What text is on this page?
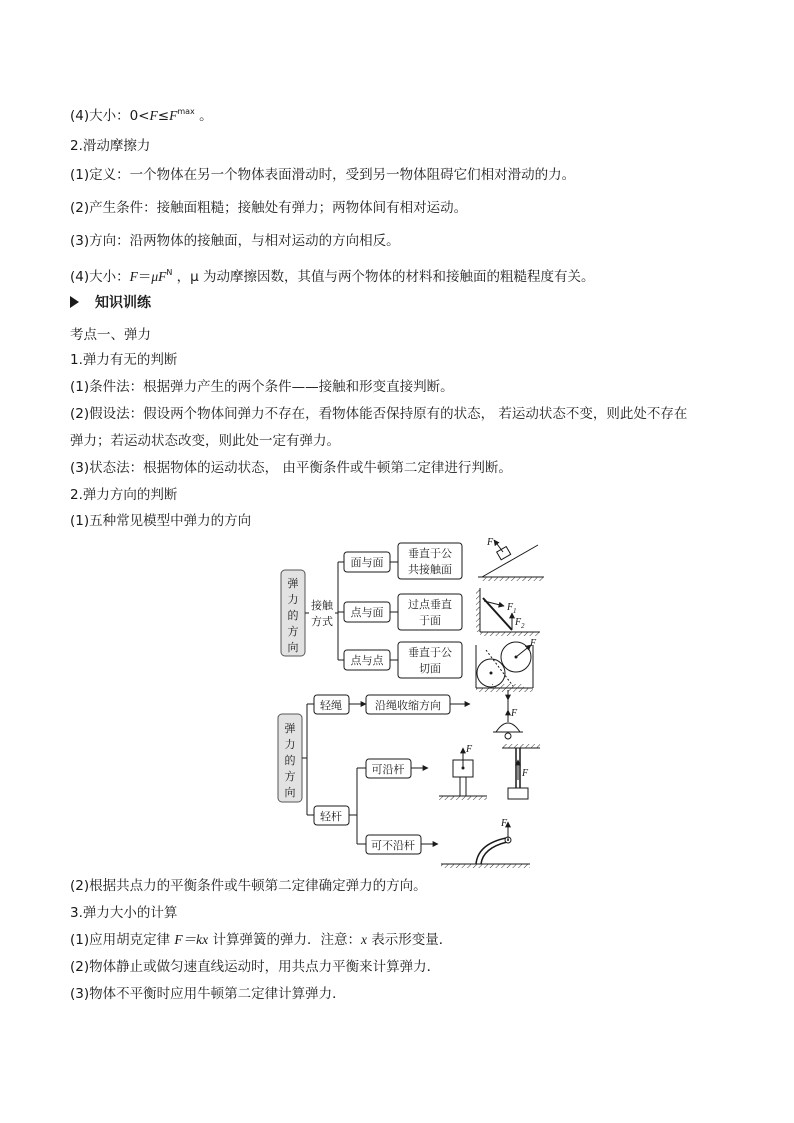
(4)大小：$0<F\le F^{max}$ 。
2.滑动摩擦力
(1)定义：一个物体在另一个物体表面滑动时，受到另一物体阻碍它们相对滑动的力。
(2)产生条件：接触面粗糙；接触处有弹力；两物体间有相对运动。
(3)方向：沿两物体的接触面，与相对运动的方向相反。
(4)大小：$F=\mu F^N$ ，μ 为动摩擦因数，其值与两个物体的材料和接触面的粗糙程度有关。
知识训练
考点一、弹力
1.弹力有无的判断
(1)条件法：根据弹力产生的两个条件——接触和形变直接判断。
(2)假设法：假设两个物体间弹力不存在，看物体能否保持原有的状态， 若运动状态不变，则此处不存在
弹力；若运动状态改变，则此处一定有弹力。
(3)状态法：根据物体的运动状态， 由平衡条件或牛顿第二定律进行判断。
2.弹力方向的判断
(1)五种常见模型中弹力的方向
(2)根据共点力的平衡条件或牛顿第二定律确定弹力的方向。
3.弹力大小的计算
(1)应用胡克定律 F＝kx 计算弹簧的弹力．注意：x 表示形变量．
(2)物体静止或做匀速直线运动时，用共点力平衡来计算弹力．
(3)物体不平衡时应用牛顿第二定律计算弹力．
弹
力
的
方
向
接触
方式
面与面
点与面
点与点
垂直于公
共接触面
过点垂直
于面
垂直于公
切面
F
F 1
F 2
F
弹
力
的
方
向
轻绳	沿绳收缩方向
轻杆
可沿杆
可不沿杆
F
F
F
F
